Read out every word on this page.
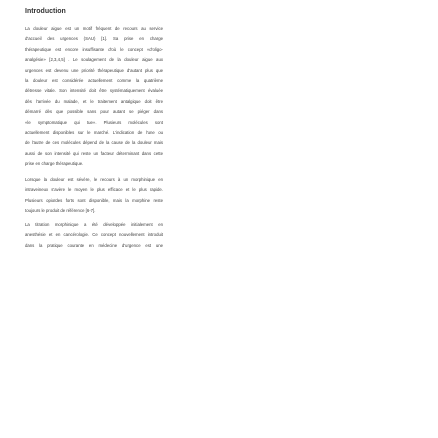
Introduction
La douleur aigue est un motif fréquent de recours au service
d'accueil des urgences (SAU) [1]. Sa prise en charge
thérapeutique est encore insuffisante d'où le concept «d'oligo-
analgésie» [2,3,4,5] . Le soulagement de la douleur aigue aux
urgences est devenu une priorité thérapeutique d'autant plus que
la douleur est considérée actuellement comme la quatrième
détresse vitale. Son intensité doit être systématiquement évaluée
dès l'arrivée du malade, et le traitement antalgique doit être
démarré dès que possible sans pour autant se piéger dans
«le symptomatique qui tue». Plusieurs molécules sont
actuellement disponibles sur le marché. L'indication de l'une ou
de l'autre de ces molécules dépend de la cause de la douleur mais
aussi de son intensité qui reste un facteur déterminant dans cette
prise en charge thérapeutique.
Lorsque la douleur est sévère, le recours à un morphinique en
intraveineux s'avère le moyen le plus efficace et le plus rapide.
Plusieurs opioïdes forts sont disponible, mais la morphine reste
toujours le produit de référence [6-7].
La titration morphinique a été développée initialement en
anesthésie et en cancérologie. Ce concept nouvellement introduit
dans la pratique courante en médecine d'urgence est une
